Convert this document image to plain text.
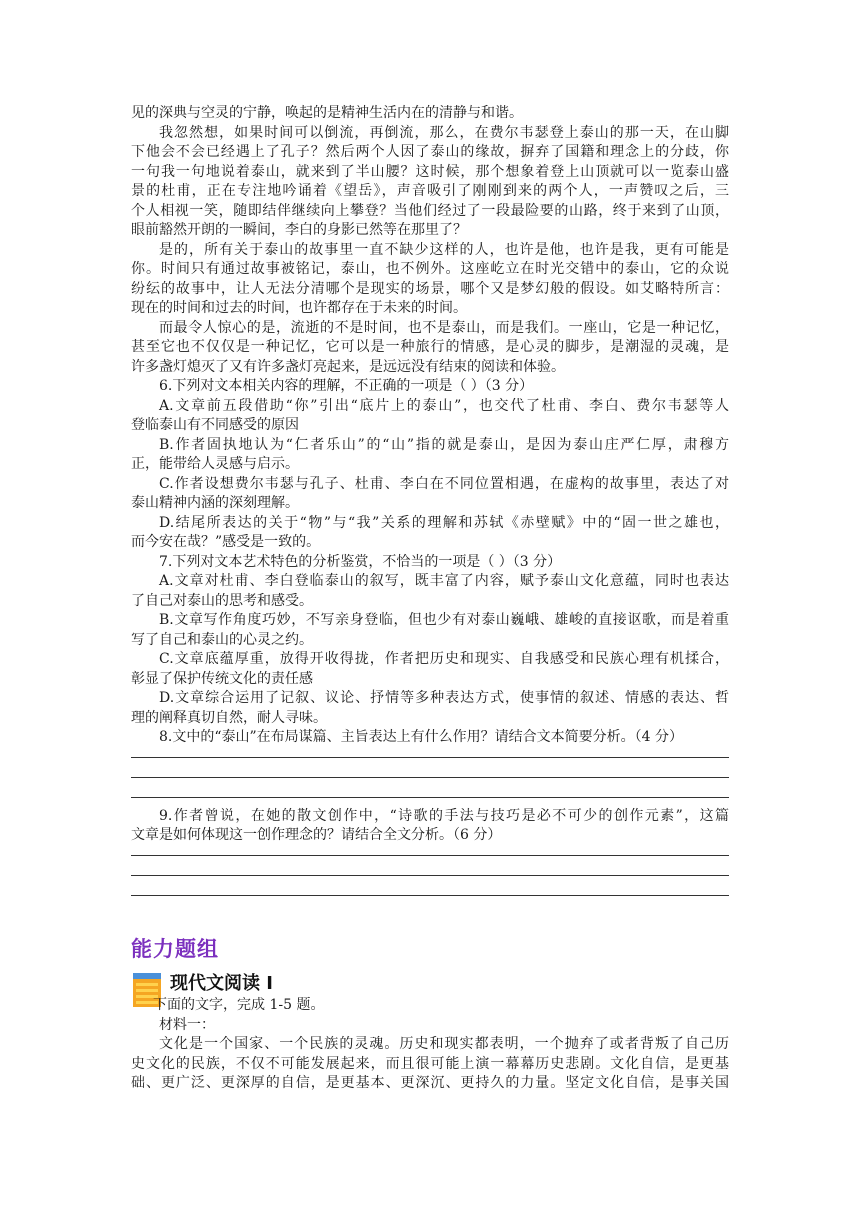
见的深典与空灵的宁静，唤起的是精神生活内在的清静与和谐。
我忽然想，如果时间可以倒流，再倒流，那么，在费尔韦瑟登上泰山的那一天，在山脚
下他会不会已经遇上了孔子？然后两个人因了泰山的缘故，摒弃了国籍和理念上的分歧，你
一句我一句地说着泰山，就来到了半山腰？这时候，那个想象着登上山顶就可以一览泰山盛
景的杜甫，正在专注地吟诵着《望岳》，声音吸引了刚刚到来的两个人，一声赞叹之后，三
个人相视一笑，随即结伴继续向上攀登？当他们经过了一段最险要的山路，终于来到了山顶，
眼前豁然开朗的一瞬间，李白的身影已然等在那里了？
是的，所有关于泰山的故事里一直不缺少这样的人，也许是他，也许是我，更有可能是
你。时间只有通过故事被铭记，泰山，也不例外。这座屹立在时光交错中的泰山，它的众说
纷纭的故事中，让人无法分清哪个是现实的场景，哪个又是梦幻般的假设。如艾略特所言：
现在的时间和过去的时间，也许都存在于未来的时间。
而最令人惊心的是，流逝的不是时间，也不是泰山，而是我们。一座山，它是一种记忆，
甚至它也不仅仅是一种记忆，它可以是一种旅行的情感，是心灵的脚步，是潮湿的灵魂，是
许多盏灯熄灭了又有许多盏灯亮起来，是远远没有结束的阅读和体验。
6.下列对文本相关内容的理解，不正确的一项是（ ）（3 分）
A.文章前五段借助“你”引出“底片上的泰山”，也交代了杜甫、李白、费尔韦瑟等人
登临泰山有不同感受的原因
B.作者固执地认为“仁者乐山”的“山”指的就是泰山，是因为泰山庄严仁厚，肃穆方
正，能带给人灵感与启示。
C.作者设想费尔韦瑟与孔子、杜甫、李白在不同位置相遇，在虚构的故事里，表达了对
泰山精神内涵的深刻理解。
D.结尾所表达的关于“物”与“我”关系的理解和苏轼《赤壁赋》中的“固一世之雄也，
而今安在哉？”感受是一致的。
7.下列对文本艺术特色的分析鉴赏，不恰当的一项是（ ）（3 分）
A.文章对杜甫、李白登临泰山的叙写，既丰富了内容，赋予泰山文化意蕴，同时也表达
了自己对泰山的思考和感受。
B.文章写作角度巧妙，不写亲身登临，但也少有对泰山巍峨、雄峻的直接讴歌，而是着重
写了自己和泰山的心灵之约。
C.文章底蕴厚重，放得开收得拢，作者把历史和现实、自我感受和民族心理有机揉合，
彰显了保护传统文化的责任感
D.文章综合运用了记叙、议论、抒情等多种表达方式，使事情的叙述、情感的表达、哲
理的阐释真切自然，耐人寻味。
8.文中的“泰山”在布局谋篇、主旨表达上有什么作用？请结合文本简要分析。（4 分）
9.作者曾说，在她的散文创作中，“诗歌的手法与技巧是必不可少的创作元素”，这篇
文章是如何体现这一创作理念的？请结合全文分析。（6 分）
能力题组
现代文阅读 I
下面的文字，完成 1-5 题。
材料一：
文化是一个国家、一个民族的灵魂。历史和现实都表明，一个抛弃了或者背叛了自己历
史文化的民族，不仅不可能发展起来，而且很可能上演一幕幕历史悲剧。文化自信，是更基
础、更广泛、更深厚的自信，是更基本、更深沉、更持久的力量。坚定文化自信，是事关国
